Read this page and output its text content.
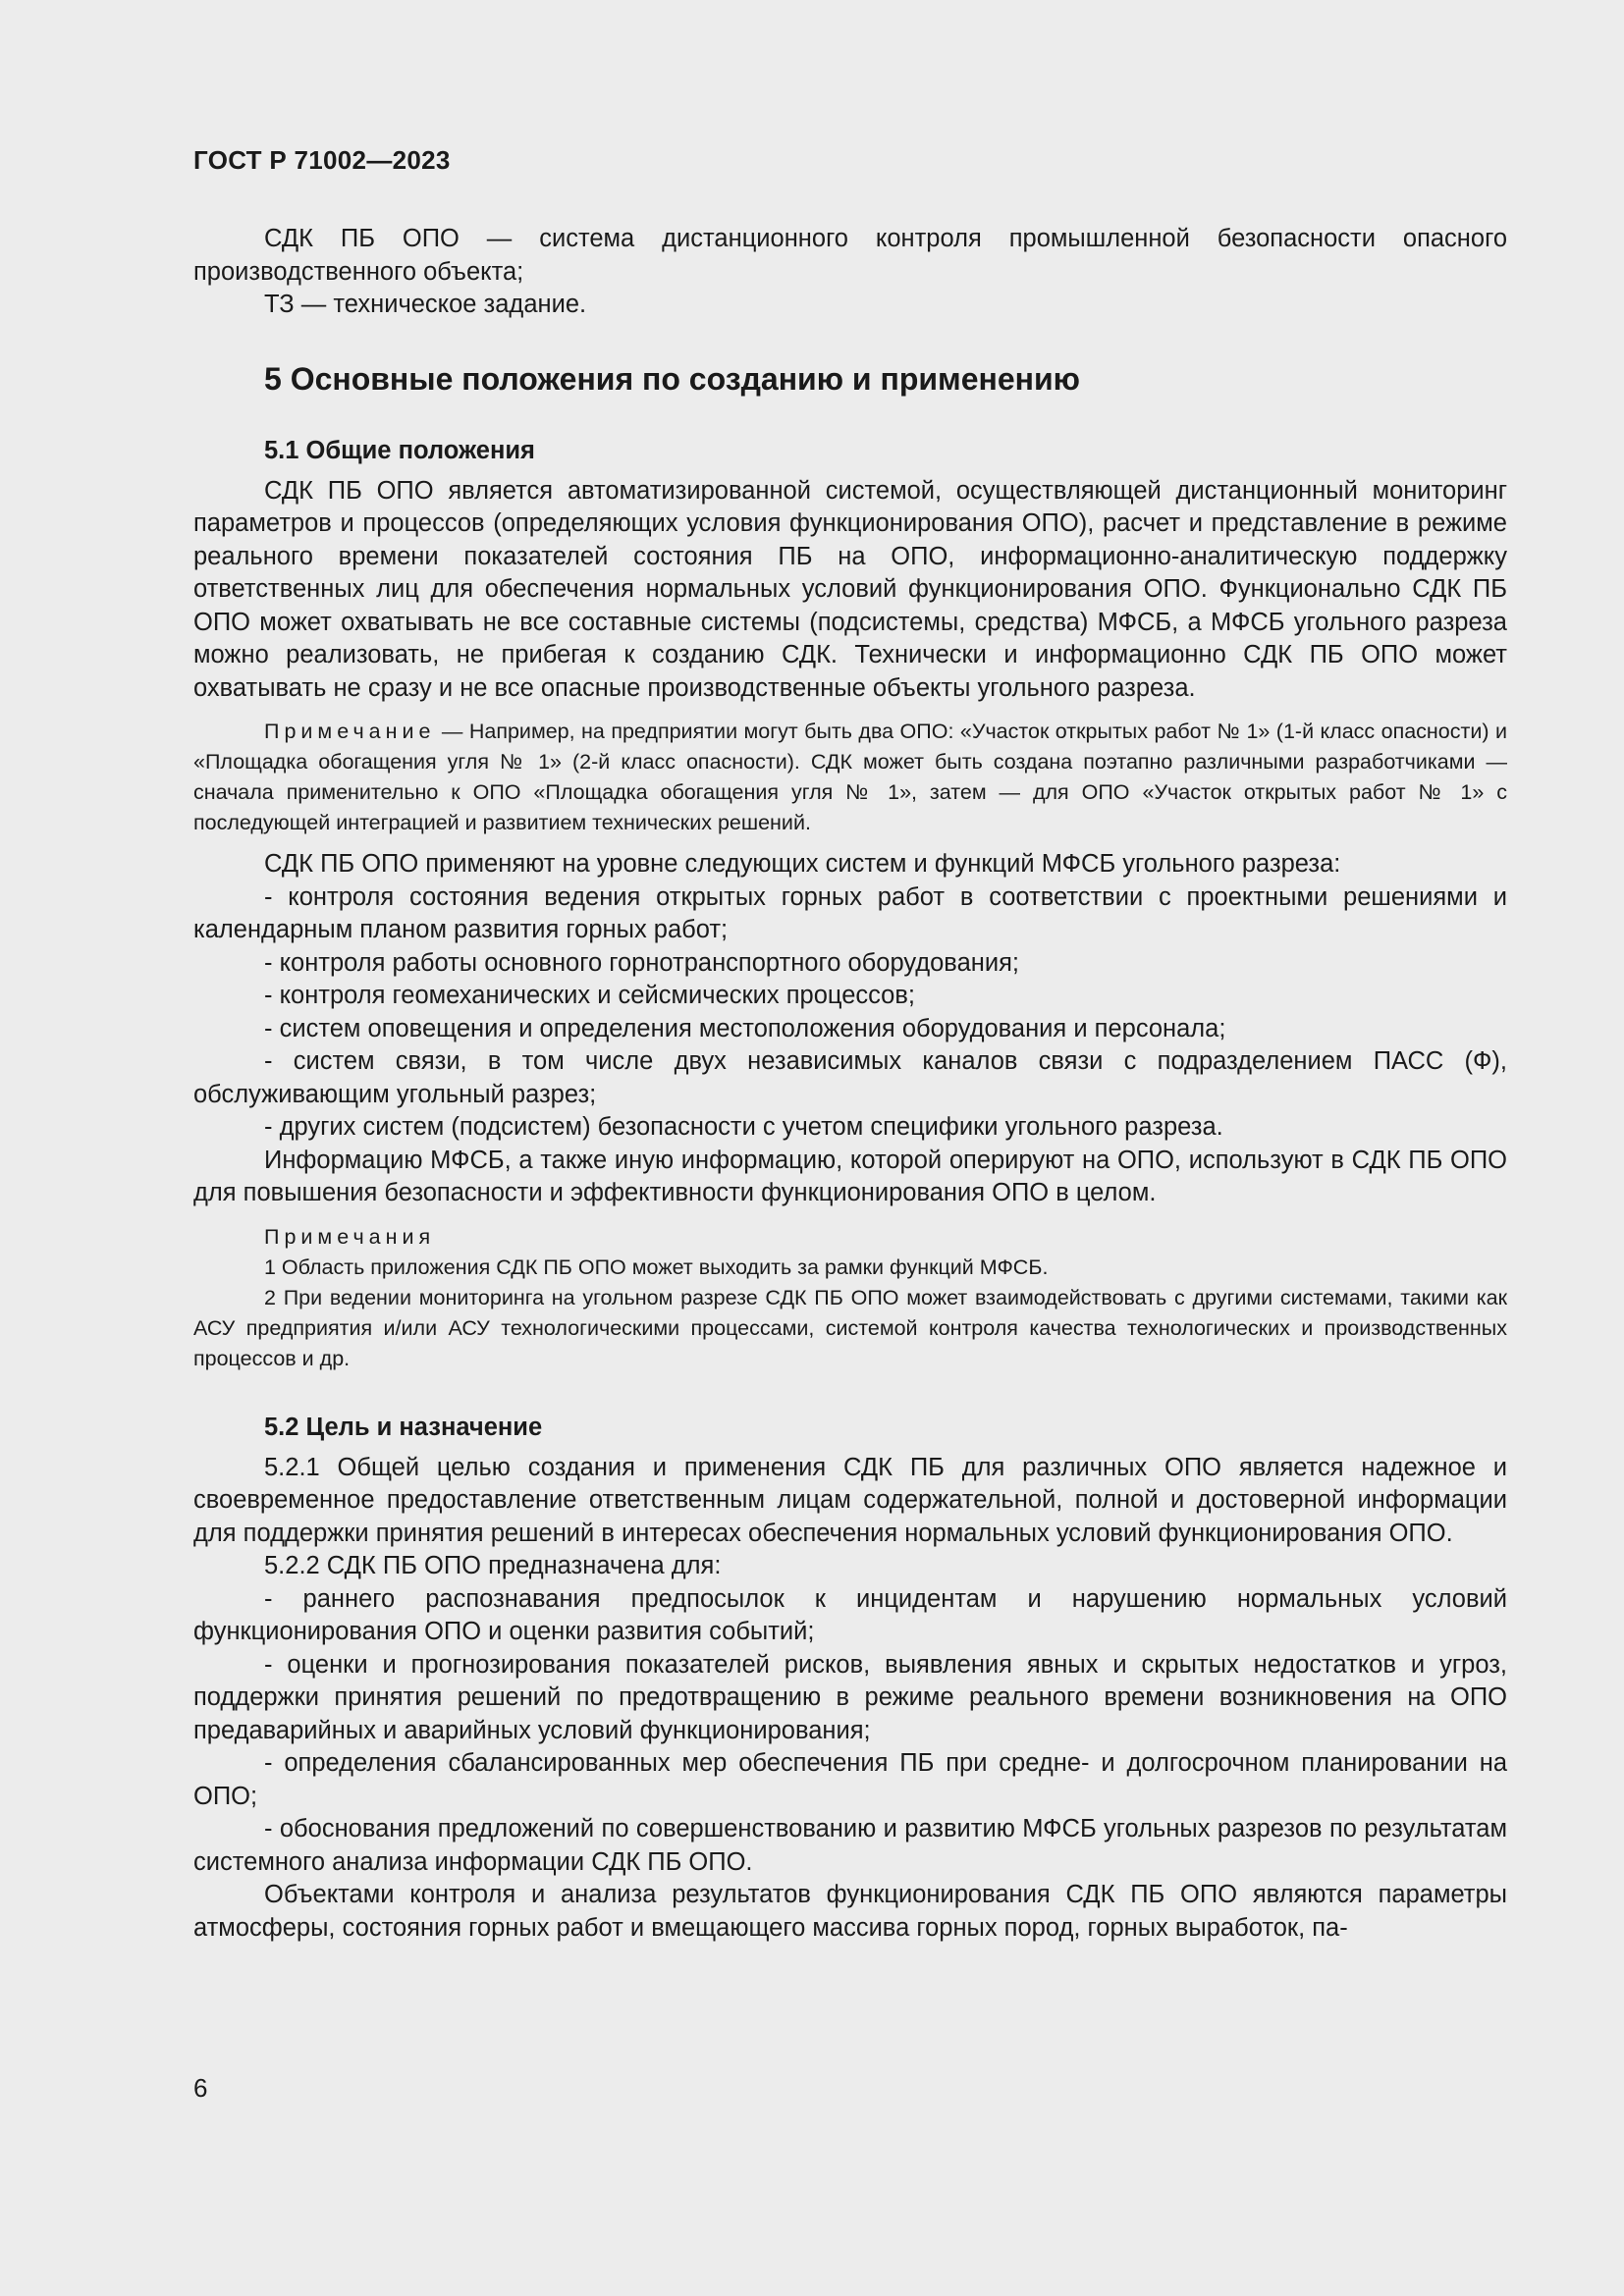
ГОСТ Р 71002—2023

СДК ПБ ОПО — система дистанционного контроля промышленной безопасности опасного производственного объекта;

ТЗ — техническое задание.

5 Основные положения по созданию и применению
5.1 Общие положения

СДК ПБ ОПО является автоматизированной системой, осуществляющей дистанционный мониторинг параметров и процессов (определяющих условия функционирования ОПО), расчет и представление в режиме реального времени показателей состояния ПБ на ОПО, информационно-аналитическую поддержку ответственных лиц для обеспечения нормальных условий функционирования ОПО. Функционально СДК ПБ ОПО может охватывать не все составные системы (подсистемы, средства) МФСБ, а МФСБ угольного разреза можно реализовать, не прибегая к созданию СДК. Технически и информационно СДК ПБ ОПО может охватывать не сразу и не все опасные производственные объекты угольного разреза.

Примечание — Например, на предприятии могут быть два ОПО: «Участок открытых работ № 1» (1-й класс опасности) и «Площадка обогащения угля № 1» (2-й класс опасности). СДК может быть создана поэтапно различными разработчиками — сначала применительно к ОПО «Площадка обогащения угля № 1», затем — для ОПО «Участок открытых работ № 1» с последующей интеграцией и развитием технических решений.

СДК ПБ ОПО применяют на уровне следующих систем и функций МФСБ угольного разреза:

- контроля состояния ведения открытых горных работ в соответствии с проектными решениями и календарным планом развития горных работ;

- контроля работы основного горнотранспортного оборудования;

- контроля геомеханических и сейсмических процессов;

- систем оповещения и определения местоположения оборудования и персонала;

- систем связи, в том числе двух независимых каналов связи с подразделением ПАСС (Ф), обслуживающим угольный разрез;

- других систем (подсистем) безопасности с учетом специфики угольного разреза.

Информацию МФСБ, а также иную информацию, которой оперируют на ОПО, используют в СДК ПБ ОПО для повышения безопасности и эффективности функционирования ОПО в целом.

Примечания

1 Область приложения СДК ПБ ОПО может выходить за рамки функций МФСБ.

2 При ведении мониторинга на угольном разрезе СДК ПБ ОПО может взаимодействовать с другими системами, такими как АСУ предприятия и/или АСУ технологическими процессами, системой контроля качества технологических и производственных процессов и др.

5.2 Цель и назначение

5.2.1 Общей целью создания и применения СДК ПБ для различных ОПО является надежное и своевременное предоставление ответственным лицам содержательной, полной и достоверной информации для поддержки принятия решений в интересах обеспечения нормальных условий функционирования ОПО.

5.2.2 СДК ПБ ОПО предназначена для:

- раннего распознавания предпосылок к инцидентам и нарушению нормальных условий функционирования ОПО и оценки развития событий;

- оценки и прогнозирования показателей рисков, выявления явных и скрытых недостатков и угроз, поддержки принятия решений по предотвращению в режиме реального времени возникновения на ОПО предаварийных и аварийных условий функционирования;

- определения сбалансированных мер обеспечения ПБ при средне- и долгосрочном планировании на ОПО;

- обоснования предложений по совершенствованию и развитию МФСБ угольных разрезов по результатам системного анализа информации СДК ПБ ОПО.

Объектами контроля и анализа результатов функционирования СДК ПБ ОПО являются параметры атмосферы, состояния горных работ и вмещающего массива горных пород, горных выработок, па-

6
